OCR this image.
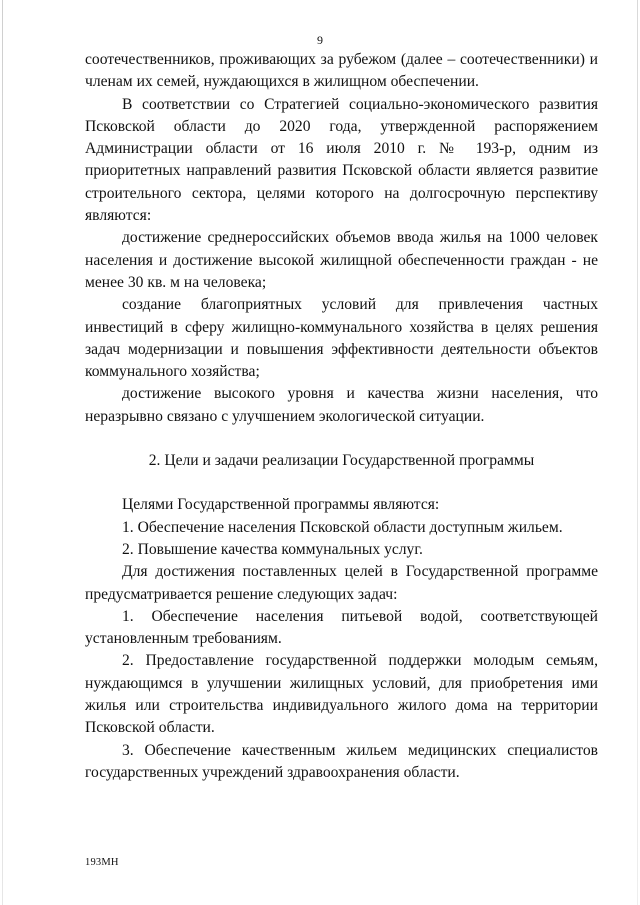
9

соотечественников, проживающих за рубежом (далее – соотечественники) и членам их семей, нуждающихся в жилищном обеспечении.

В соответствии со Стратегией социально-экономического развития Псковской области до 2020 года, утвержденной распоряжением Администрации области от 16 июля 2010 г. № 193-р, одним из приоритетных направлений развития Псковской области является развитие строительного сектора, целями которого на долгосрочную перспективу являются:

достижение среднероссийских объемов ввода жилья на 1000 человек населения и достижение высокой жилищной обеспеченности граждан - не менее 30 кв. м на человека;

создание благоприятных условий для привлечения частных инвестиций в сферу жилищно-коммунального хозяйства в целях решения задач модернизации и повышения эффективности деятельности объектов коммунального хозяйства;

достижение высокого уровня и качества жизни населения, что неразрывно связано с улучшением экологической ситуации.

2. Цели и задачи реализации Государственной программы

Целями Государственной программы являются:

1. Обеспечение населения Псковской области доступным жильем.

2. Повышение качества коммунальных услуг.

Для достижения поставленных целей в Государственной программе предусматривается решение следующих задач:

1. Обеспечение населения питьевой водой, соответствующей установленным требованиям.

2. Предоставление государственной поддержки молодым семьям, нуждающимся в улучшении жилищных условий, для приобретения ими жилья или строительства индивидуального жилого дома на территории Псковской области.

3. Обеспечение качественным жильем медицинских специалистов государственных учреждений здравоохранения области.

193МН
